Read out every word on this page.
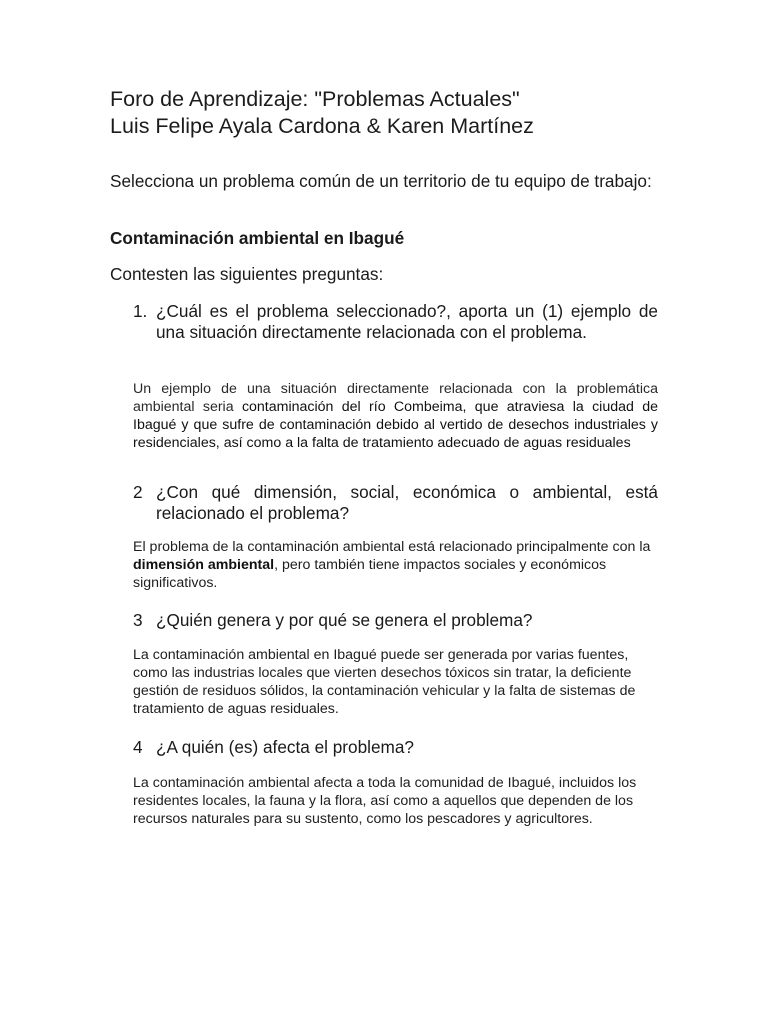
Foro de Aprendizaje: "Problemas Actuales"
Luis Felipe Ayala Cardona & Karen Martínez
Selecciona un problema común de un territorio de tu equipo de trabajo:
Contaminación ambiental en Ibagué
Contesten las siguientes preguntas:
1. ¿Cuál es el problema seleccionado?, aporta un (1) ejemplo de una situación directamente relacionada con el problema.
Un ejemplo de una situación directamente relacionada con la problemática ambiental seria contaminación del río Combeima, que atraviesa la ciudad de Ibagué y que sufre de contaminación debido al vertido de desechos industriales y residenciales, así como a la falta de tratamiento adecuado de aguas residuales
2 ¿Con qué dimensión, social, económica o ambiental, está relacionado el problema?
El problema de la contaminación ambiental está relacionado principalmente con la dimensión ambiental, pero también tiene impactos sociales y económicos significativos.
3 ¿Quién genera y por qué se genera el problema?
La contaminación ambiental en Ibagué puede ser generada por varias fuentes, como las industrias locales que vierten desechos tóxicos sin tratar, la deficiente gestión de residuos sólidos, la contaminación vehicular y la falta de sistemas de tratamiento de aguas residuales.
4 ¿A quién (es) afecta el problema?
La contaminación ambiental afecta a toda la comunidad de Ibagué, incluidos los residentes locales, la fauna y la flora, así como a aquellos que dependen de los recursos naturales para su sustento, como los pescadores y agricultores.
